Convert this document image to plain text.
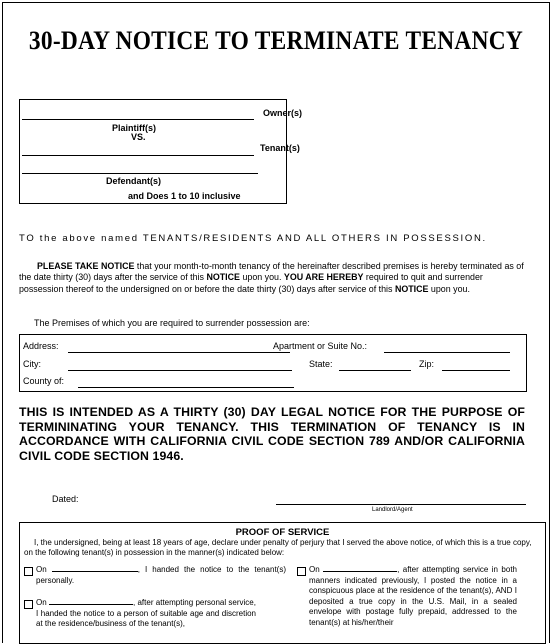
30-DAY NOTICE TO TERMINATE TENANCY
Owner(s)
Plaintiff(s)
VS.
Tenant(s)
Defendant(s)
and Does 1 to 10 inclusive
TO the above named TENANTS/RESIDENTS AND ALL OTHERS IN POSSESSION.
PLEASE TAKE NOTICE that your month-to-month tenancy of the hereinafter described premises is hereby terminated as of the date thirty (30) days after the service of this NOTICE upon you. YOU ARE HEREBY required to quit and surrender possession thereof to the undersigned on or before the date thirty (30) days after service of this NOTICE upon you.
The Premises of which you are required to surrender possession are:
Address:	Apartment or Suite No.:
City:	State:	Zip:
County of:
THIS IS INTENDED AS A THIRTY (30) DAY LEGAL NOTICE FOR THE PURPOSE OF TERMININATING YOUR TENANCY. THIS TERMINATION OF TENANCY IS IN ACCORDANCE WITH CALIFORNIA CIVIL CODE SECTION 789 AND/OR CALIFORNIA CIVIL CODE SECTION 1946.
Dated:
Landlord/Agent
PROOF OF SERVICE
I, the undersigned, being at least 18 years of age, declare under penalty of perjury that I served the above notice, of which this is a true copy, on the following tenant(s) in possession in the manner(s) indicated below:
On	, I handed the notice to the tenant(s) personally.
On	, after attempting personal service, I handed the notice to a person of suitable age and discretion at the residence/business of the tenant(s),
On	, after attempting service in both manners indicated previously, I posted the notice in a conspicuous place at the residence of the tenant(s), AND I deposited a true copy in the U.S. Mail, in a sealed envelope with postage fully prepaid, addressed to the tenant(s) at his/her/their
